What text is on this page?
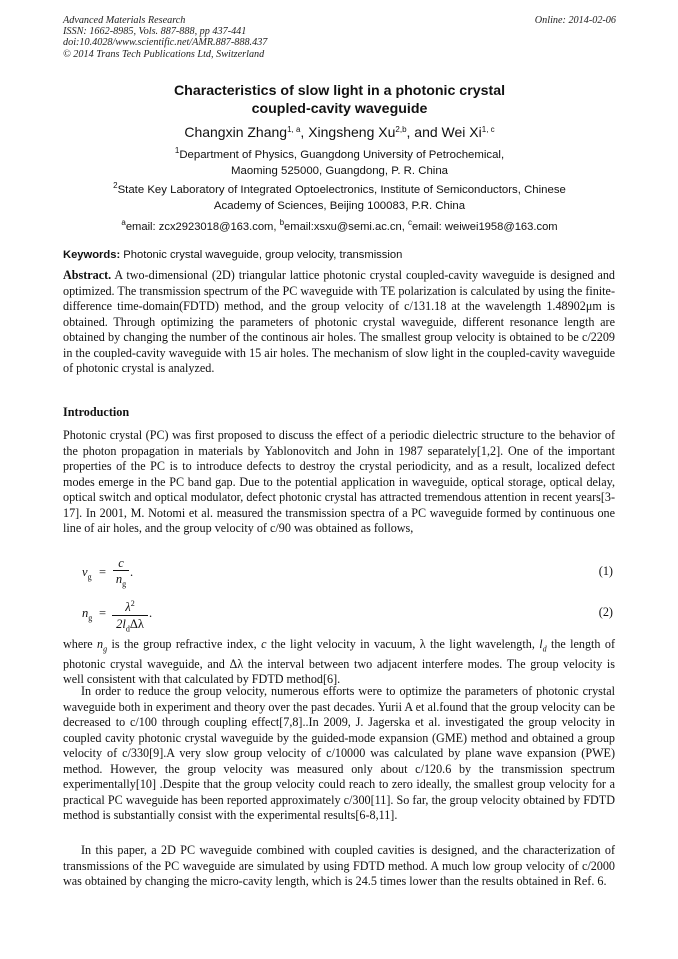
Advanced Materials Research
ISSN: 1662-8985, Vols. 887-888, pp 437-441
doi:10.4028/www.scientific.net/AMR.887-888.437
© 2014 Trans Tech Publications Ltd, Switzerland
Online: 2014-02-06
Characteristics of slow light in a photonic crystal
coupled-cavity waveguide
Changxin Zhang$^{1, a}$, Xingsheng Xu$^{2,b}$, and Wei Xi$^{1, c}$
$^1$Department of Physics, Guangdong University of Petrochemical,
Maoming 525000, Guangdong, P. R. China
$^2$State Key Laboratory of Integrated Optoelectronics, Institute of Semiconductors, Chinese
Academy of Sciences, Beijing 100083, P.R. China
$^a$email: zcx2923018@163.com, $^b$email:xsxu@semi.ac.cn, $^c$email: weiwei1958@163.com
Keywords: Photonic crystal waveguide, group velocity, transmission

Abstract. A two-dimensional (2D) triangular lattice photonic crystal coupled-cavity waveguide is designed and optimized. The transmission spectrum of the PC waveguide with TE polarization is calculated by using the finite-difference time-domain(FDTD) method, and the group velocity of c/131.18 at the wavelength 1.48902μm is obtained. Through optimizing the parameters of photonic crystal waveguide, different resonance length are obtained by changing the number of the continous air holes. The smallest group velocity is obtained to be c/2209 in the coupled-cavity waveguide with 15 air holes. The mechanism of slow light in the coupled-cavity waveguide of photonic crystal is analyzed.

Introduction

Photonic crystal (PC) was first proposed to discuss the effect of a periodic dielectric structure to the behavior of the photon propagation in materials by Yablonovitch and John in 1987 separately[1,2]. One of the important properties of the PC is to introduce defects to destroy the crystal periodicity, and as a result, localized defect modes emerge in the PC band gap. Due to the potential application in waveguide, optical storage, optical delay, optical switch and optical modulator, defect photonic crystal has attracted tremendous attention in recent years[3-17]. In 2001, M. Notomi et al. measured the transmission spectra of a PC waveguide formed by continuous one line of air holes, and the group velocity of c/90 was obtained as follows,

$v_g = \frac{c}{n_g}$ .	(1)
$n_g$ =	$\lambda^2$
$2l_d\Delta\lambda$
.	(2)

where $n_g$ is the group refractive index, c the light velocity in vacuum, λ the light wavelength, $l_d$ the length of photonic crystal waveguide, and Δλ the interval between two adjacent interfere modes. The group velocity is well consistent with that calculated by FDTD method[6].

In order to reduce the group velocity, numerous efforts were to optimize the parameters of photonic crystal waveguide both in experiment and theory over the past decades. Yurii A et al.found that the group velocity can be decreased to c/100 through coupling effect[7,8]..In 2009, J. Jagerska et al. investigated the group velocity in coupled cavity photonic crystal waveguide by the guided-mode expansion (GME) method and obtained a group velocity of c/330[9].A very slow group velocity of c/10000 was calculated by plane wave expansion (PWE) method. However, the group velocity was measured only about c/120.6 by the transmission spectrum experimentally[10] .Despite that the group velocity could reach to zero ideally, the smallest group velocity for a practical PC waveguide has been reported approximately c/300[11]. So far, the group velocity obtained by FDTD method is substantially consist with the experimental results[6-8,11].

In this paper, a 2D PC waveguide combined with coupled cavities is designed, and the characterization of transmissions of the PC waveguide are simulated by using FDTD method. A much low group velocity of c/2000 was obtained by changing the micro-cavity length, which is 24.5 times lower than the results obtained in Ref. 6.
